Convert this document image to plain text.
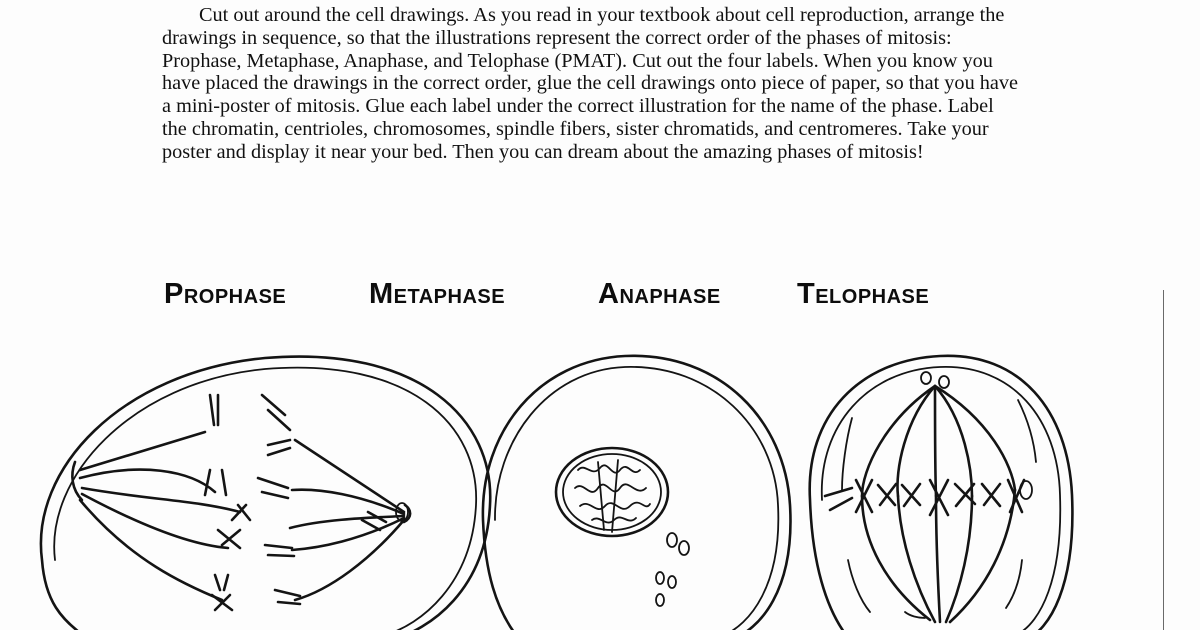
Cut out around the cell drawings. As you read in your textbook about cell reproduction, arrange the drawings in sequence, so that the illustrations represent the correct order of the phases of mitosis: Prophase, Metaphase, Anaphase, and Telophase (PMAT). Cut out the four labels. When you know you have placed the drawings in the correct order, glue the cell drawings onto piece of paper, so that you have a mini-poster of mitosis. Glue each label under the correct illustration for the name of the phase. Label the chromatin, centrioles, chromosomes, spindle fibers, sister chromatids, and centromeres. Take your poster and display it near your bed. Then you can dream about the amazing phases of mitosis!

Prophase	Metaphase	Anaphase	Telophase
